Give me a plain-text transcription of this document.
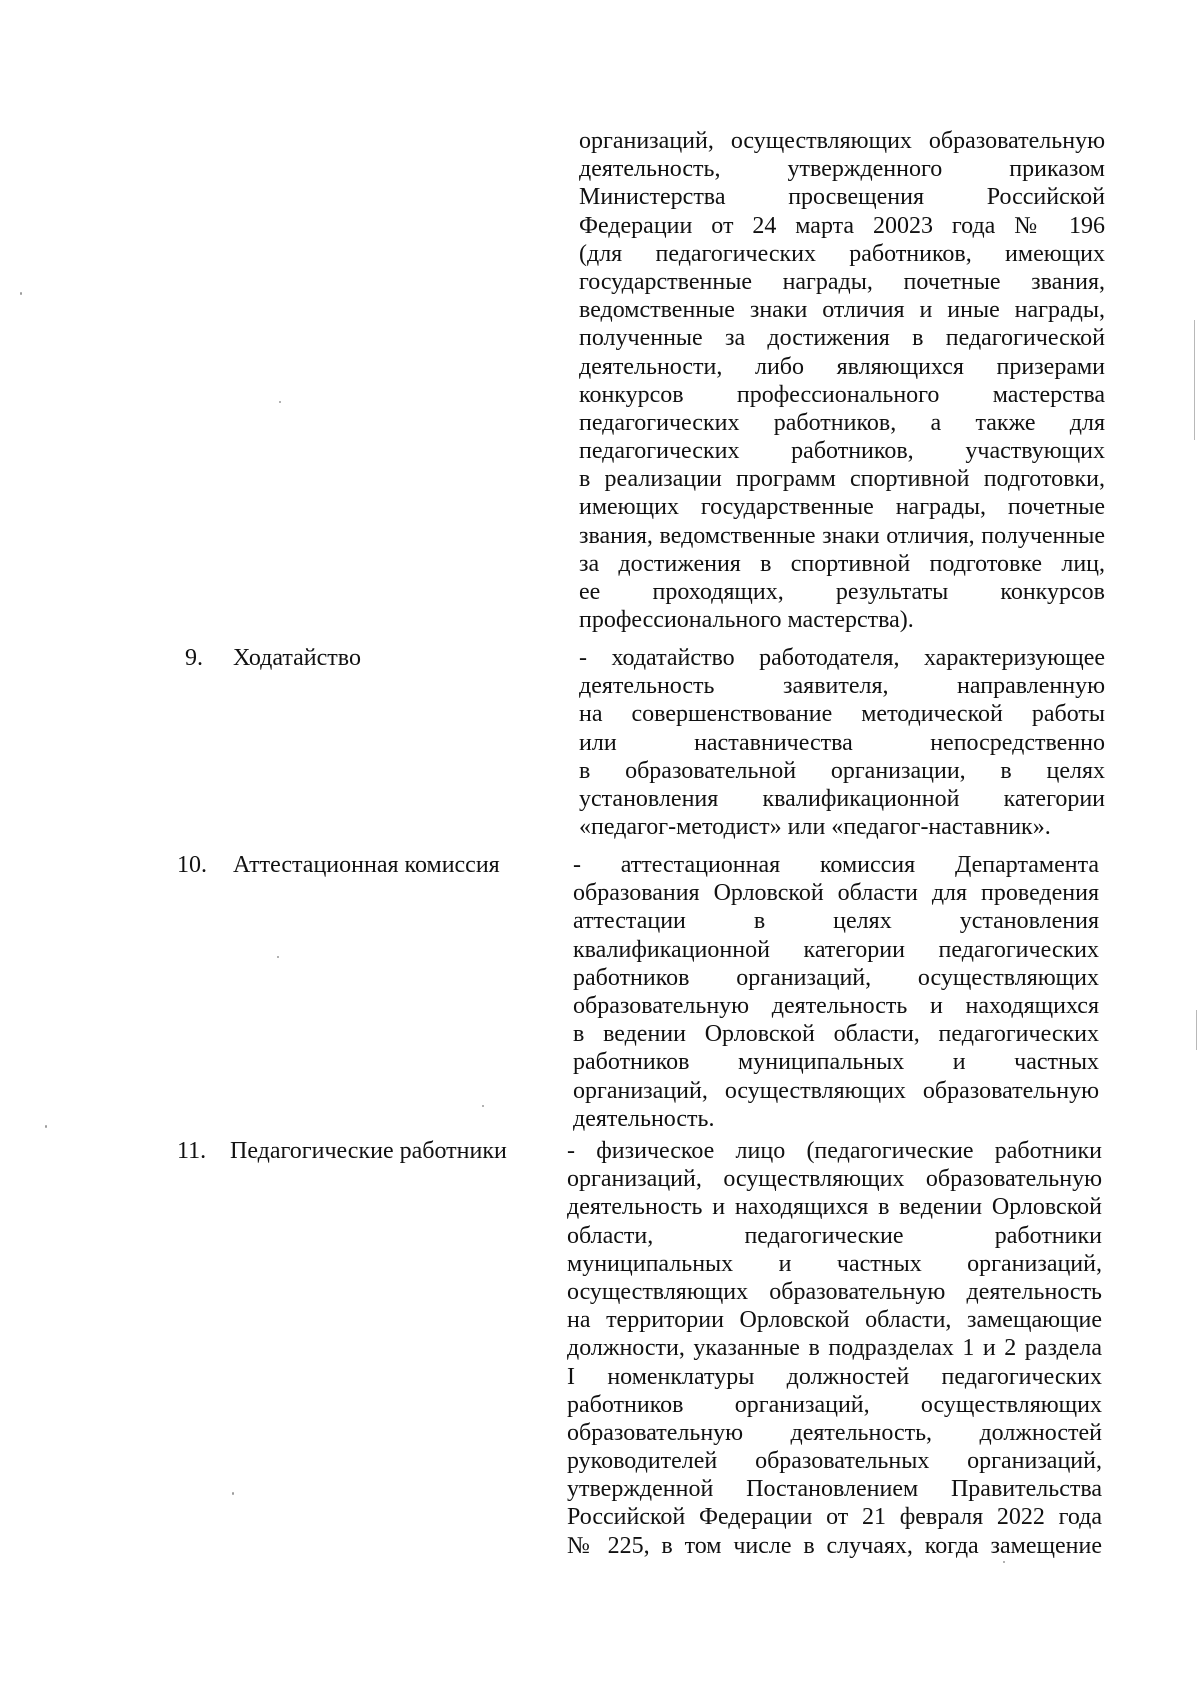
организаций, осуществляющих образовательную
деятельность, утвержденного приказом
Министерства просвещения Российской
Федерации от 24 марта 20023 года № 196
(для педагогических работников, имеющих
государственные награды, почетные звания,
ведомственные знаки отличия и иные награды,
полученные за достижения в педагогической
деятельности, либо являющихся призерами
конкурсов профессионального мастерства
педагогических работников, а также для
педагогических работников, участвующих
в реализации программ спортивной подготовки,
имеющих государственные награды, почетные
звания, ведомственные знаки отличия, полученные
за достижения в спортивной подготовке лиц,
ее проходящих, результаты конкурсов
профессионального мастерства).
9. Ходатайство	- ходатайство работодателя, характеризующее
деятельность заявителя, направленную
на совершенствование методической работы
или наставничества непосредственно
в образовательной организации, в целях
установления квалификационной категории
«педагог-методист» или «педагог-наставник».
10. Аттестационная комиссия	- аттестационная комиссия Департамента
образования Орловской области для проведения
аттестации в целях установления
квалификационной категории педагогических
работников организаций, осуществляющих
образовательную деятельность и находящихся
в ведении Орловской области, педагогических
работников муниципальных и частных
организаций, осуществляющих образовательную
деятельность.
11. Педагогические работники	- физическое лицо (педагогические работники
организаций, осуществляющих образовательную
деятельность и находящихся в ведении Орловской
области, педагогические работники
муниципальных и частных организаций,
осуществляющих образовательную деятельность
на территории Орловской области, замещающие
должности, указанные в подразделах 1 и 2 раздела
I номенклатуры должностей педагогических
работников организаций, осуществляющих
образовательную деятельность, должностей
руководителей образовательных организаций,
утвержденной Постановлением Правительства
Российской Федерации от 21 февраля 2022 года
№ 225, в том числе в случаях, когда замещение
